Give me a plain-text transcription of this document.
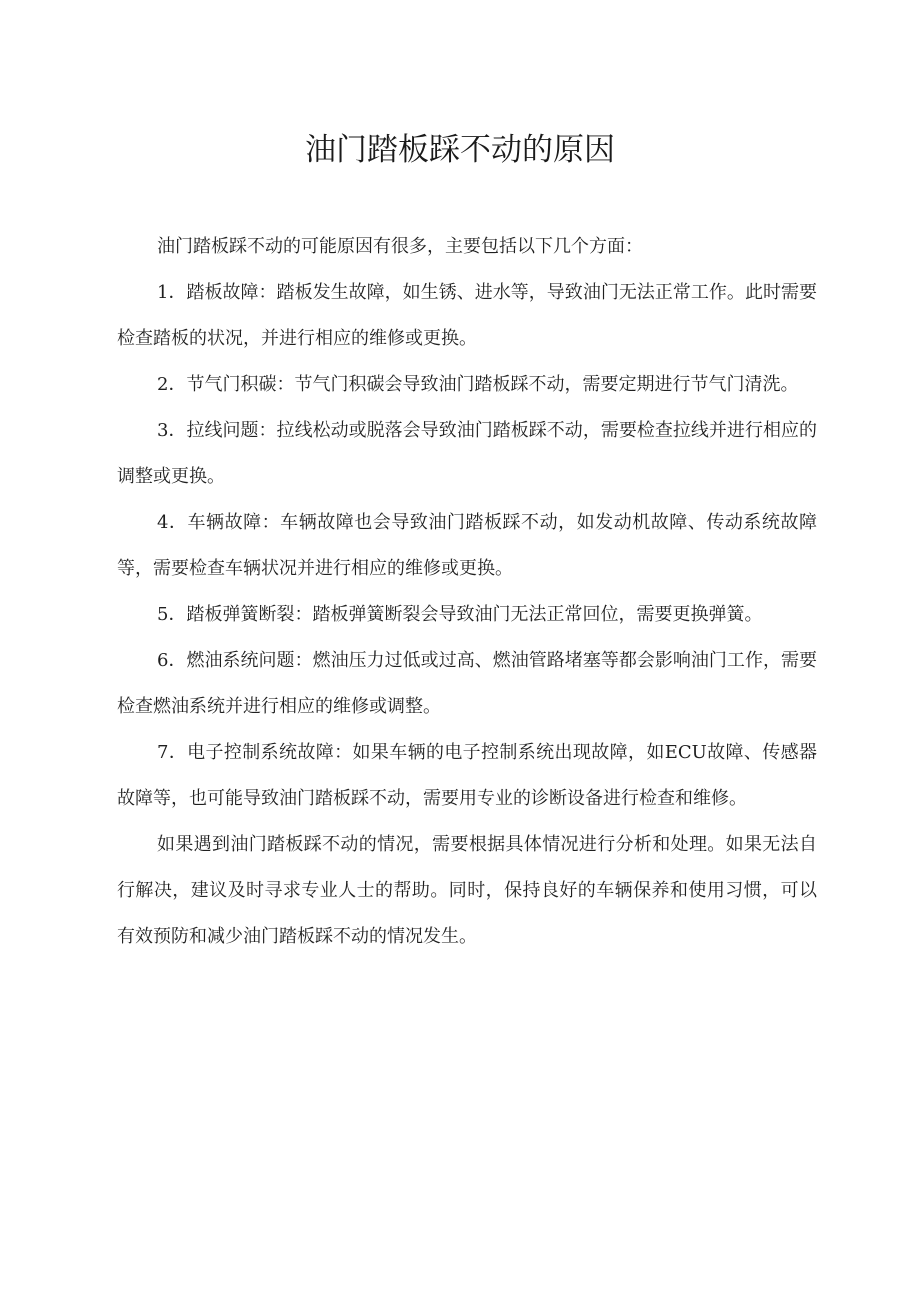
油门踏板踩不动的原因

油门踏板踩不动的可能原因有很多，主要包括以下几个方面：

1．踏板故障：踏板发生故障，如生锈、进水等，导致油门无法正常工作。此时需要检查踏板的状况，并进行相应的维修或更换。

2．节气门积碳：节气门积碳会导致油门踏板踩不动，需要定期进行节气门清洗。

3．拉线问题：拉线松动或脱落会导致油门踏板踩不动，需要检查拉线并进行相应的调整或更换。

4．车辆故障：车辆故障也会导致油门踏板踩不动，如发动机故障、传动系统故障等，需要检查车辆状况并进行相应的维修或更换。

5．踏板弹簧断裂：踏板弹簧断裂会导致油门无法正常回位，需要更换弹簧。

6．燃油系统问题：燃油压力过低或过高、燃油管路堵塞等都会影响油门工作，需要检查燃油系统并进行相应的维修或调整。

7．电子控制系统故障：如果车辆的电子控制系统出现故障，如ECU故障、传感器故障等，也可能导致油门踏板踩不动，需要用专业的诊断设备进行检查和维修。

如果遇到油门踏板踩不动的情况，需要根据具体情况进行分析和处理。如果无法自行解决，建议及时寻求专业人士的帮助。同时，保持良好的车辆保养和使用习惯，可以有效预防和减少油门踏板踩不动的情况发生。
